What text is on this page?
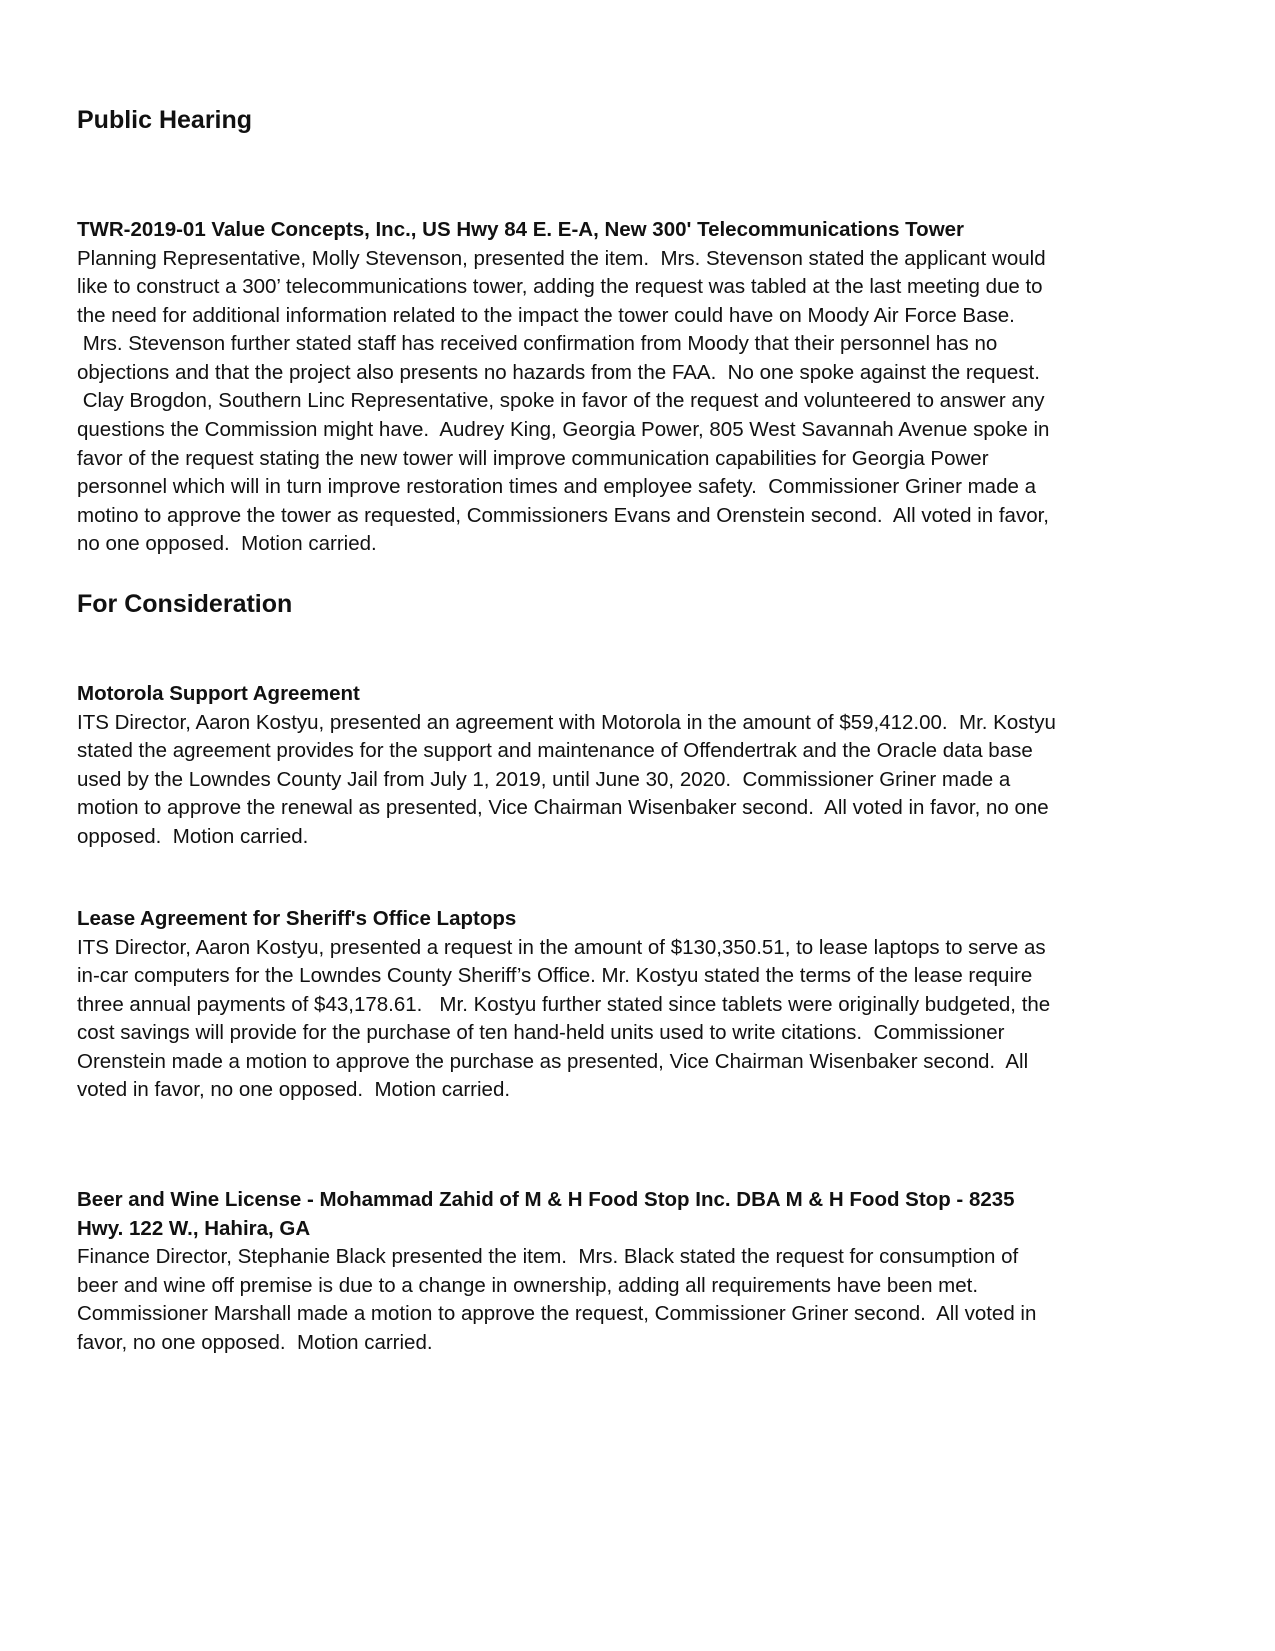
Public Hearing
TWR-2019-01 Value Concepts, Inc., US Hwy 84 E. E-A, New 300' Telecommunications Tower
Planning Representative, Molly Stevenson, presented the item.  Mrs. Stevenson stated the applicant would
like to construct a 300’ telecommunications tower, adding the request was tabled at the last meeting due to
the need for additional information related to the impact the tower could have on Moody Air Force Base.
Mrs. Stevenson further stated staff has received confirmation from Moody that their personnel has no
objections and that the project also presents no hazards from the FAA.  No one spoke against the request.
Clay Brogdon, Southern Linc Representative, spoke in favor of the request and volunteered to answer any
questions the Commission might have.  Audrey King, Georgia Power, 805 West Savannah Avenue spoke in
favor of the request stating the new tower will improve communication capabilities for Georgia Power
personnel which will in turn improve restoration times and employee safety.  Commissioner Griner made a
motino to approve the tower as requested, Commissioners Evans and Orenstein second.  All voted in favor,
no one opposed.  Motion carried.
For Consideration
Motorola Support Agreement
ITS Director, Aaron Kostyu, presented an agreement with Motorola in the amount of $59,412.00.  Mr. Kostyu
stated the agreement provides for the support and maintenance of Offendertrak and the Oracle data base
used by the Lowndes County Jail from July 1, 2019, until June 30, 2020.  Commissioner Griner made a
motion to approve the renewal as presented, Vice Chairman Wisenbaker second.  All voted in favor, no one
opposed.  Motion carried.
Lease Agreement for Sheriff's Office Laptops
ITS Director, Aaron Kostyu, presented a request in the amount of $130,350.51, to lease laptops to serve as
in-car computers for the Lowndes County Sheriff’s Office. Mr. Kostyu stated the terms of the lease require
three annual payments of $43,178.61.   Mr. Kostyu further stated since tablets were originally budgeted, the
cost savings will provide for the purchase of ten hand-held units used to write citations.  Commissioner
Orenstein made a motion to approve the purchase as presented, Vice Chairman Wisenbaker second.  All
voted in favor, no one opposed.  Motion carried.
Beer and Wine License - Mohammad Zahid of M & H Food Stop Inc. DBA M & H Food Stop - 8235
Hwy. 122 W., Hahira, GA
Finance Director, Stephanie Black presented the item.  Mrs. Black stated the request for consumption of
beer and wine off premise is due to a change in ownership, adding all requirements have been met.
Commissioner Marshall made a motion to approve the request, Commissioner Griner second.  All voted in
favor, no one opposed.  Motion carried.
